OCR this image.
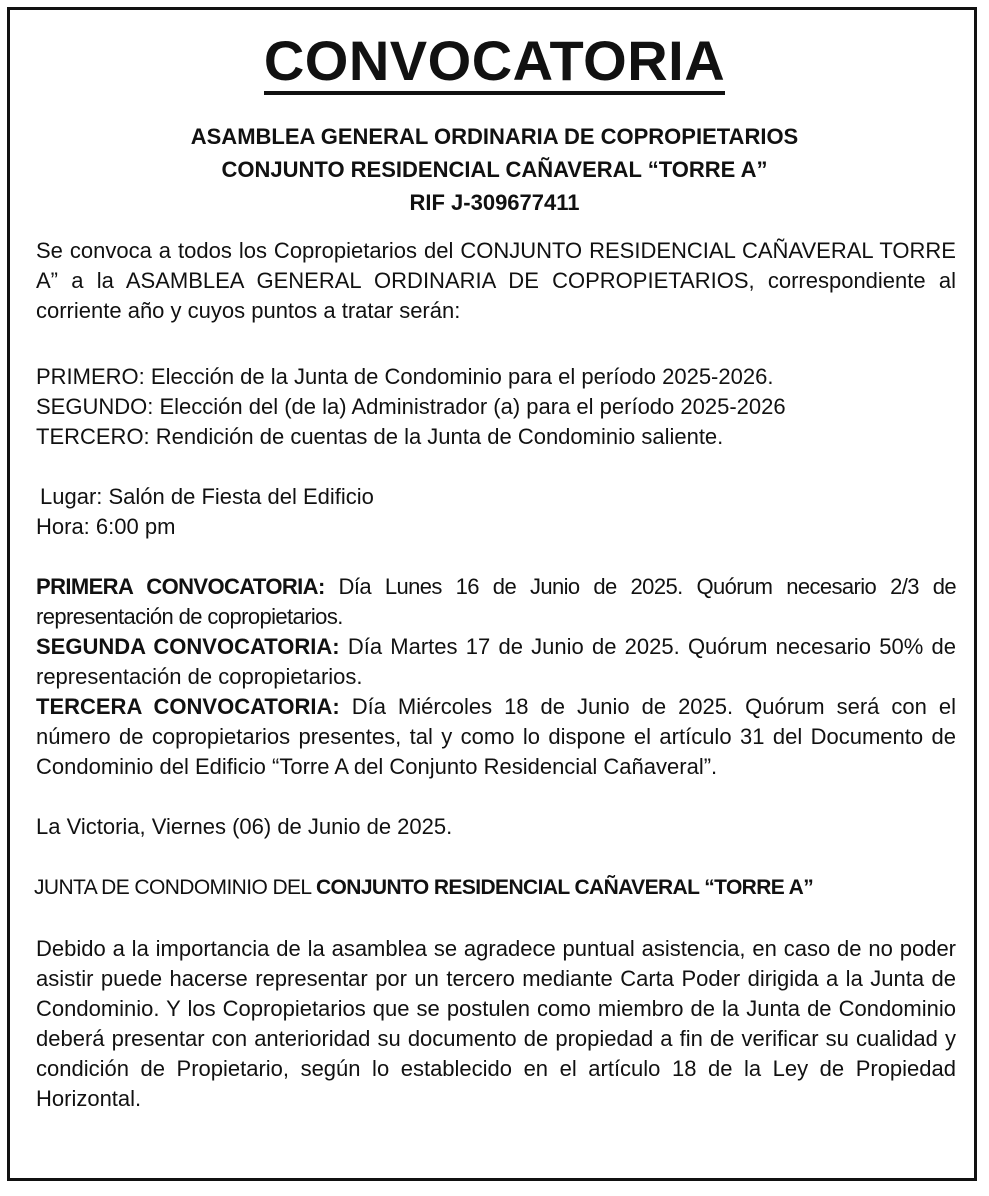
CONVOCATORIA
ASAMBLEA GENERAL ORDINARIA DE COPROPIETARIOS
CONJUNTO RESIDENCIAL CAÑAVERAL “TORRE A”
RIF J-309677411
Se convoca a todos los Copropietarios del CONJUNTO RESIDENCIAL CAÑAVERAL TORRE A” a la ASAMBLEA GENERAL ORDINARIA DE COPROPIETARIOS, correspondiente al corriente año y cuyos puntos a tratar serán:
PRIMERO: Elección de la Junta de Condominio para el período 2025-2026.
SEGUNDO: Elección del (de la) Administrador (a) para el período 2025-2026
TERCERO: Rendición de cuentas de la Junta de Condominio saliente.
Lugar: Salón de Fiesta del Edificio
Hora: 6:00 pm
PRIMERA CONVOCATORIA: Día Lunes 16 de Junio de 2025. Quórum necesario 2/3 de representación de copropietarios.
SEGUNDA CONVOCATORIA: Día Martes 17 de Junio de 2025. Quórum necesario 50% de representación de copropietarios.
TERCERA CONVOCATORIA: Día Miércoles 18 de Junio de 2025. Quórum será con el número de copropietarios presentes, tal y como lo dispone el artículo 31 del Documento de Condominio del Edificio “Torre A del Conjunto Residencial Cañaveral”.
La Victoria, Viernes (06) de Junio de 2025.
JUNTA DE CONDOMINIO DEL CONJUNTO RESIDENCIAL CAÑAVERAL “TORRE A”
Debido a la importancia de la asamblea se agradece puntual asistencia, en caso de no poder asistir puede hacerse representar por un tercero mediante Carta Poder dirigida a la Junta de Condominio. Y los Copropietarios que se postulen como miembro de la Junta de Condominio deberá presentar con anterioridad su documento de propiedad a fin de verificar su cualidad y condición de Propietario, según lo establecido en el artículo 18 de la Ley de Propiedad Horizontal.
